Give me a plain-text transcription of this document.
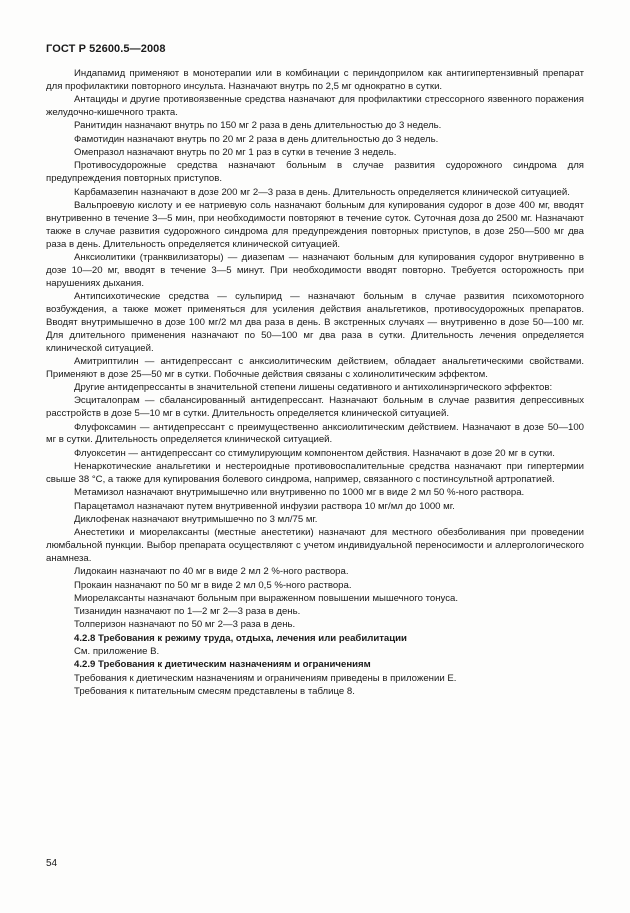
ГОСТ Р 52600.5—2008

Индапамид применяют в монотерапии или в комбинации с периндоприлом как антигипертензивный препарат для профилактики повторного инсульта. Назначают внутрь по 2,5 мг однократно в сутки.

Антациды и другие противоязвенные средства назначают для профилактики стрессорного язвенного поражения желудочно-кишечного тракта.

Ранитидин назначают внутрь по 150 мг 2 раза в день длительностью до 3 недель.

Фамотидин назначают внутрь по 20 мг 2 раза в день длительностью до 3 недель.

Омепразол назначают внутрь по 20 мг 1 раз в сутки в течение 3 недель.

Противосудорожные средства назначают больным в случае развития судорожного синдрома для предупреждения повторных приступов.

Карбамазепин назначают в дозе 200 мг 2—3 раза в день. Длительность определяется клинической ситуацией.

Вальпроевую кислоту и ее натриевую соль назначают больным для купирования судорог в дозе 400 мг, вводят внутривенно в течение 3—5 мин, при необходимости повторяют в течение суток. Суточная доза до 2500 мг. Назначают также в случае развития судорожного синдрома для предупреждения повторных приступов, в дозе 250—500 мг два раза в день. Длительность определяется клинической ситуацией.

Анксиолитики (транквилизаторы) — диазепам — назначают больным для купирования судорог внутривенно в дозе 10—20 мг, вводят в течение 3—5 минут. При необходимости вводят повторно. Требуется осторожность при нарушениях дыхания.

Антипсихотические средства — сульпирид — назначают больным в случае развития психомоторного возбуждения, а также может применяться для усиления действия анальгетиков, противосудорожных препаратов. Вводят внутримышечно в дозе 100 мг/2 мл два раза в день. В экстренных случаях — внутривенно в дозе 50—100 мг. Для длительного применения назначают по 50—100 мг два раза в сутки. Длительность лечения определяется клинической ситуацией.

Амитриптилин — антидепрессант с анксиолитическим действием, обладает анальгетическими свойствами. Применяют в дозе 25—50 мг в сутки. Побочные действия связаны с холинолитическим эффектом.

Другие антидепрессанты в значительной степени лишены седативного и антихолинэргического эффектов:

Эсциталопрам — сбалансированный антидепрессант. Назначают больным в случае развития депрессивных расстройств в дозе 5—10 мг в сутки. Длительность определяется клинической ситуацией.

Флуфоксамин — антидепрессант с преимущественно анксиолитическим действием. Назначают в дозе 50—100 мг в сутки. Длительность определяется клинической ситуацией.

Флуоксетин — антидепрессант со стимулирующим компонентом действия. Назначают в дозе 20 мг в сутки.

Ненаркотические анальгетики и нестероидные противовоспалительные средства назначают при гипертермии свыше 38 °С, а также для купирования болевого синдрома, например, связанного с постинсультной артропатией.

Метамизол назначают внутримышечно или внутривенно по 1000 мг в виде 2 мл 50 %-ного раствора.

Парацетамол назначают путем внутривенной инфузии раствора 10 мг/мл до 1000 мг.

Диклофенак назначают внутримышечно по 3 мл/75 мг.

Анестетики и миорелаксанты (местные анестетики) назначают для местного обезболивания при проведении люмбальной пункции. Выбор препарата осуществляют с учетом индивидуальной переносимости и аллергологического анамнеза.

Лидокаин назначают по 40 мг в виде 2 мл 2 %-ного раствора.

Прокаин назначают по 50 мг в виде 2 мл 0,5 %-ного раствора.

Миорелаксанты назначают больным при выраженном повышении мышечного тонуса.

Тизанидин назначают по 1—2 мг 2—3 раза в день.

Толперизон назначают по 50 мг 2—3 раза в день.

4.2.8 Требования к режиму труда, отдыха, лечения или реабилитации

См. приложение В.

4.2.9 Требования к диетическим назначениям и ограничениям

Требования к диетическим назначениям и ограничениям приведены в приложении Е.

Требования к питательным смесям представлены в таблице 8.

54
